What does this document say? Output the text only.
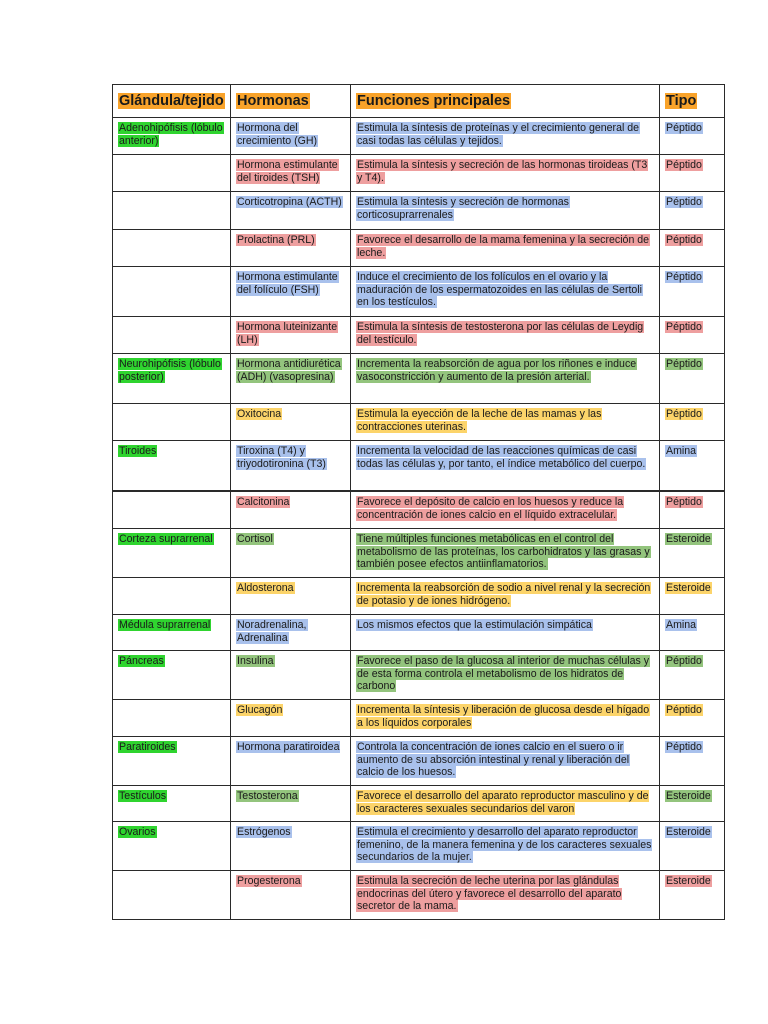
Glándula/tejido	Hormonas	Funciones principales	Tipo
Adenohipófisis (lóbulo anterior)	Hormona del crecimiento (GH)	Estimula la síntesis de proteínas y el crecimiento general de casi todas las células y tejidos.	Péptido
	Hormona estimulante del tiroides (TSH)	Estimula la síntesis y secreción de las hormonas tiroideas (T3 y T4).	Péptido
	Corticotropina (ACTH)	Estimula la síntesis y secreción de hormonas corticosuprarrenales	Péptido
	Prolactina (PRL)	Favorece el desarrollo de la mama femenina y la secreción de leche.	Péptido
	Hormona estimulante del folículo (FSH)	Induce el crecimiento de los folículos en el ovario y la maduración de los espermatozoides en las células de Sertoli en los testículos.	Péptido
	Hormona luteinizante (LH)	Estimula la síntesis de testosterona por las células de Leydig del testículo.	Péptido
Neurohipófisis (lóbulo posterior)	Hormona antidiurética (ADH) (vasopresina)	Incrementa la reabsorción de agua por los riñones e induce vasoconstricción y aumento de la presión arterial.	Péptido
	Oxitocina	Estimula la eyección de la leche de las mamas y las contracciones uterinas.	Péptido
Tiroides	Tiroxina (T4) y triyodotironina (T3)	Incrementa la velocidad de las reacciones químicas de casi todas las células y, por tanto, el índice metabólico del cuerpo.	Amina
	Calcitonina	Favorece el depósito de calcio en los huesos y reduce la concentración de iones calcio en el líquido extracelular.	Péptido
Corteza suprarrenal	Cortisol	Tiene múltiples funciones metabólicas en el control del metabolismo de las proteínas, los carbohidratos y las grasas y también posee efectos antiinflamatorios.	Esteroide
	Aldosterona	Incrementa la reabsorción de sodio a nivel renal y la secreción de potasio y de iones hidrógeno.	Esteroide
Médula suprarrenal	Noradrenalina, Adrenalina	Los mismos efectos que la estimulación simpática	Amina
Páncreas	Insulina	Favorece el paso de la glucosa al interior de muchas células y de esta forma controla el metabolismo de los hidratos de carbono	Péptido
	Glucagón	Incrementa la síntesis y liberación de glucosa desde el hígado a los líquidos corporales	Péptido
Paratiroides	Hormona paratiroidea	Controla la concentración de iones calcio en el suero o ir aumento de su absorción intestinal y renal y liberación del calcio de los huesos.	Péptido
Testículos	Testosterona	Favorece el desarrollo del aparato reproductor masculino y de los caracteres sexuales secundarios del varon	Esteroide
Ovarios	Estrógenos	Estimula el crecimiento y desarrollo del aparato reproductor femenino, de la manera femenina y de los caracteres sexuales secundarios de la mujer.	Esteroide
	Progesterona	Estimula la secreción de leche uterina por las glándulas endocrinas del útero y favorece el desarrollo del aparato secretor de la mama.	Esteroide
